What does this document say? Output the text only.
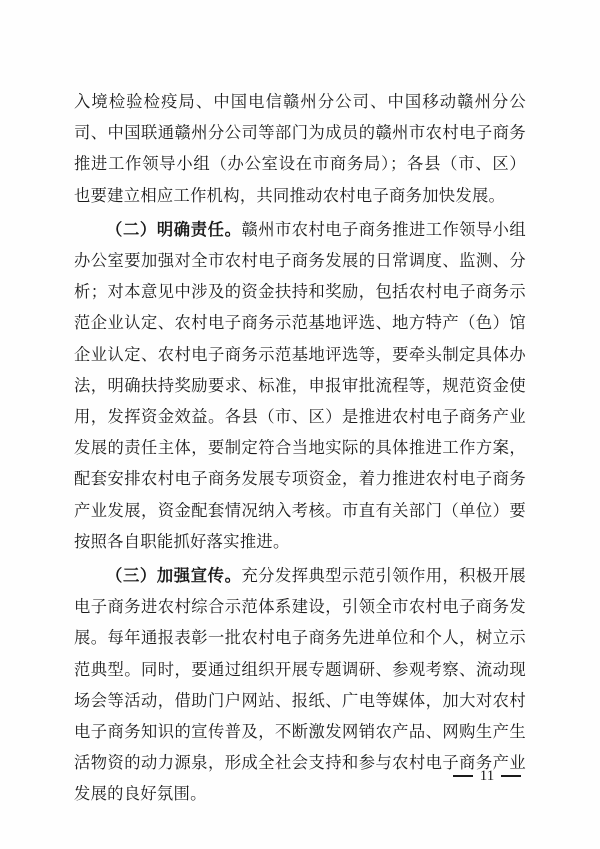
入境检验检疫局、中国电信赣州分公司、中国移动赣州分公司、中国联通赣州分公司等部门为成员的赣州市农村电子商务推进工作领导小组（办公室设在市商务局）；各县（市、区）也要建立相应工作机构，共同推动农村电子商务加快发展。

（二）明确责任。赣州市农村电子商务推进工作领导小组办公室要加强对全市农村电子商务发展的日常调度、监测、分析；对本意见中涉及的资金扶持和奖励，包括农村电子商务示范企业认定、农村电子商务示范基地评选、地方特产（色）馆企业认定、农村电子商务示范基地评选等，要牵头制定具体办法，明确扶持奖励要求、标准，申报审批流程等，规范资金使用，发挥资金效益。各县（市、区）是推进农村电子商务产业发展的责任主体，要制定符合当地实际的具体推进工作方案，配套安排农村电子商务发展专项资金，着力推进农村电子商务产业发展，资金配套情况纳入考核。市直有关部门（单位）要按照各自职能抓好落实推进。

（三）加强宣传。充分发挥典型示范引领作用，积极开展电子商务进农村综合示范体系建设，引领全市农村电子商务发展。每年通报表彰一批农村电子商务先进单位和个人，树立示范典型。同时，要通过组织开展专题调研、参观考察、流动现场会等活动，借助门户网站、报纸、广电等媒体，加大对农村电子商务知识的宣传普及，不断激发网销农产品、网购生产生活物资的动力源泉，形成全社会支持和参与农村电子商务产业发展的良好氛围。

11
